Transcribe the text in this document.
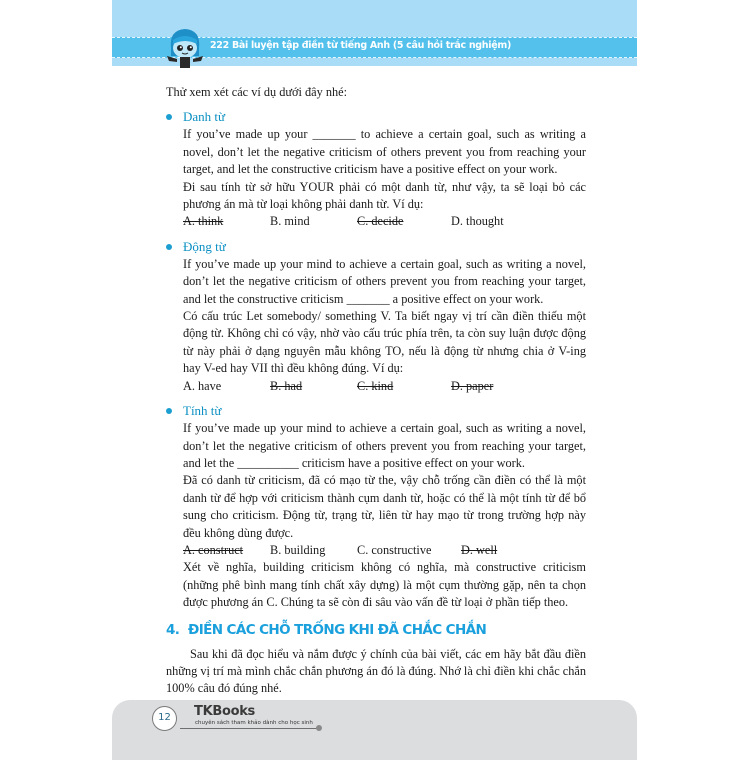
222 Bài luyện tập điền từ tiếng Anh (5 câu hỏi trắc nghiệm)

Thử xem xét các ví dụ dưới đây nhé:

Danh từ

If you’ve made up your _______ to achieve a certain goal, such as writing a novel, don’t let the negative criticism of others prevent you from reaching your target, and let the constructive criticism have a positive effect on your work.

Đi sau tính từ sở hữu YOUR phải có một danh từ, như vậy, ta sẽ loại bỏ các phương án mà từ loại không phải danh từ. Ví dụ:

A. think	B. mind	C. decide	D. thought
Động từ

If you’ve made up your mind to achieve a certain goal, such as writing a novel, don’t let the negative criticism of others prevent you from reaching your target, and let the constructive criticism _______ a positive effect on your work.

Có cấu trúc Let somebody/ something V. Ta biết ngay vị trí cần điền thiếu một động từ. Không chỉ có vậy, nhờ vào cấu trúc phía trên, ta còn suy luận được động từ này phải ở dạng nguyên mẫu không TO, nếu là động từ nhưng chia ở V-ing hay V-ed hay VII thì đều không đúng. Ví dụ:

A. have	B. had	C. kind	D. paper
Tính từ

If you’ve made up your mind to achieve a certain goal, such as writing a novel, don’t let the negative criticism of others prevent you from reaching your target, and let the __________ criticism have a positive effect on your work.

Đã có danh từ criticism, đã có mạo từ the, vậy chỗ trống cần điền có thể là một danh từ để hợp với criticism thành cụm danh từ, hoặc có thể là một tính từ để bổ sung cho criticism. Động từ, trạng từ, liên từ hay mạo từ trong trường hợp này đều không dùng được.

A. construct	B. building	C. constructive	D. well

Xét về nghĩa, building criticism không có nghĩa, mà constructive criticism (những phê bình mang tính chất xây dựng) là một cụm thường gặp, nên ta chọn được phương án C. Chúng ta sẽ còn đi sâu vào vấn đề từ loại ở phần tiếp theo.

4. ĐIỀN CÁC CHỖ TRỐNG KHI ĐÃ CHẮC CHẮN

Sau khi đã đọc hiểu và nắm được ý chính của bài viết, các em hãy bắt đầu điền những vị trí mà mình chắc chắn phương án đó là đúng. Nhớ là chỉ điền khi chắc chắn 100% câu đó đúng nhé.

12	TKBooks
chuyên sách tham khảo dành cho học sinh
